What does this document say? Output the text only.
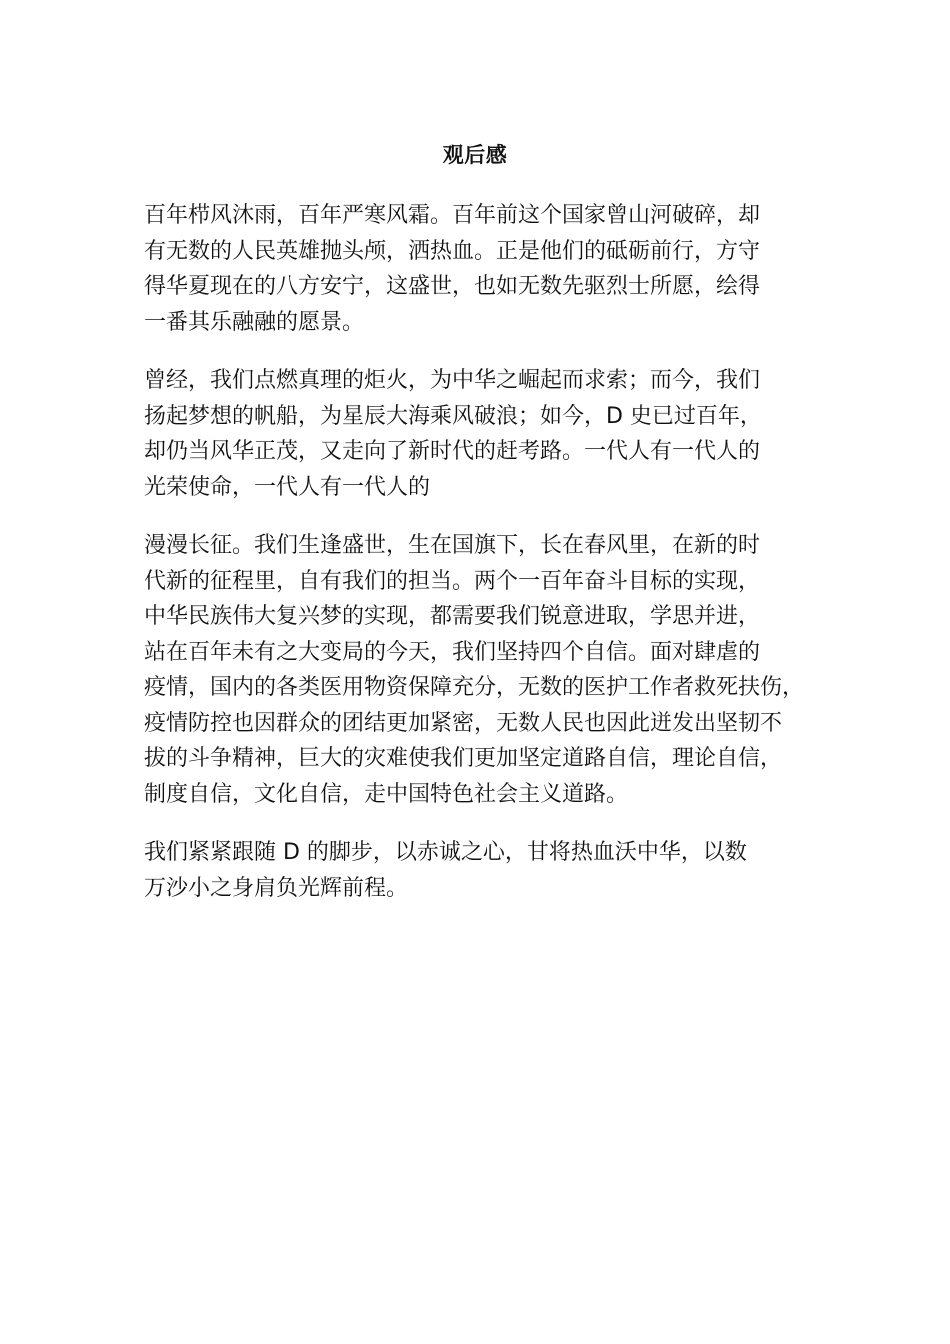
观后感

百年栉风沐雨，百年严寒风霜。百年前这个国家曾山河破碎，却
有无数的人民英雄抛头颅，洒热血。正是他们的砥砺前行，方守
得华夏现在的八方安宁，这盛世，也如无数先驱烈士所愿，绘得
一番其乐融融的愿景。

曾经，我们点燃真理的炬火，为中华之崛起而求索；而今，我们
扬起梦想的帆船，为星辰大海乘风破浪；如今，D 史已过百年，
却仍当风华正茂，又走向了新时代的赶考路。一代人有一代人的
光荣使命，一代人有一代人的

漫漫长征。我们生逢盛世，生在国旗下，长在春风里，在新的时
代新的征程里，自有我们的担当。两个一百年奋斗目标的实现，
中华民族伟大复兴梦的实现，都需要我们锐意进取，学思并进，
站在百年未有之大变局的今天，我们坚持四个自信。面对肆虐的
疫情，国内的各类医用物资保障充分，无数的医护工作者救死扶伤，
疫情防控也因群众的团结更加紧密，无数人民也因此迸发出坚韧不
拔的斗争精神，巨大的灾难使我们更加坚定道路自信，理论自信，
制度自信，文化自信，走中国特色社会主义道路。

我们紧紧跟随 D 的脚步，以赤诚之心，甘将热血沃中华，以数
万沙小之身肩负光辉前程。
